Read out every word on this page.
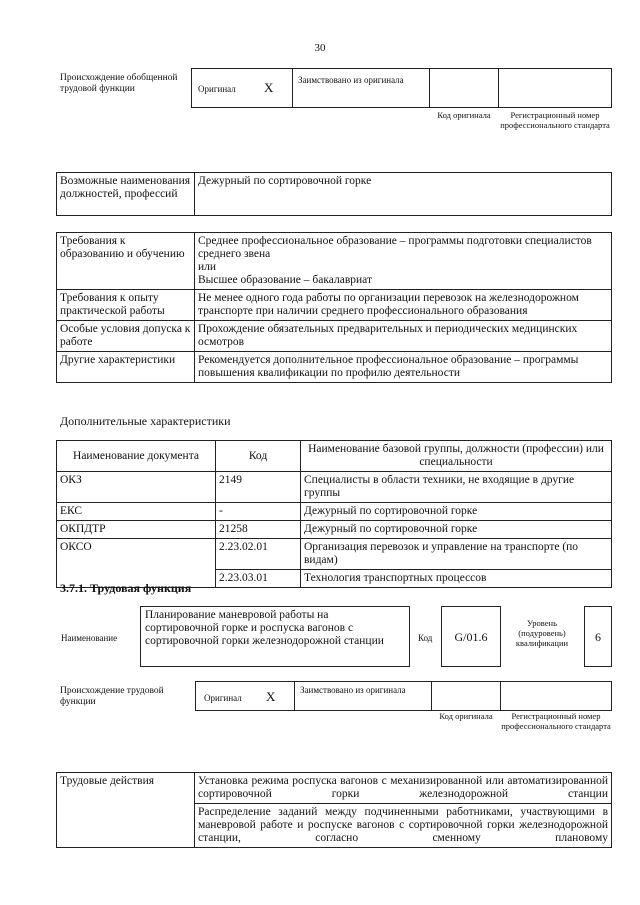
30
Происхождение обобщенной трудовой функции	Оригинал X	Заимствовано из оригинала
Код оригинала	Регистрационный номер профессионального стандарта
Возможные наименования должностей, профессий	Дежурный по сортировочной горке
Требования к образованию и обучению	Среднее профессиональное образование – программы подготовки специалистов среднего звена
или
Высшее образование – бакалавриат

Требования к опыту практической работы	Не менее одного года работы по организации перевозок на железнодорожном транспорте при наличии среднего профессионального образования

Особые условия допуска к работе	Прохождение обязательных предварительных и периодических медицинских осмотров

Другие характеристики	Рекомендуется дополнительное профессиональное образование – программы повышения квалификации по профилю деятельности
Дополнительные характеристики
Наименование документа	Код	Наименование базовой группы, должности (профессии) или специальности
ОКЗ	2149	Специалисты в области техники, не входящие в другие группы
ЕКС	-	Дежурный по сортировочной горке
ОКПДТР	21258	Дежурный по сортировочной горке
ОКСО	2.23.02.01	Организация перевозок и управление на транспорте (по видам)
	2.23.03.01	Технология транспортных процессов
3.7.1. Трудовая функция
Наименование
Планирование маневровой работы на сортировочной горке и роспуска вагонов с сортировочной горки железнодорожной станции	Код	G/01.6
Уровень (подуровень) квалификации	6
Происхождение трудовой функции	Оригинал X	Заимствовано из оригинала
Код оригинала	Регистрационный номер профессионального стандарта
Трудовые действия	Установка режима роспуска вагонов с механизированной или автоматизированной сортировочной горки железнодорожной станции
Распределение заданий между подчиненными работниками, участвующими в маневровой работе и роспуске вагонов с сортировочной горки железнодорожной станции, согласно сменному плановому
